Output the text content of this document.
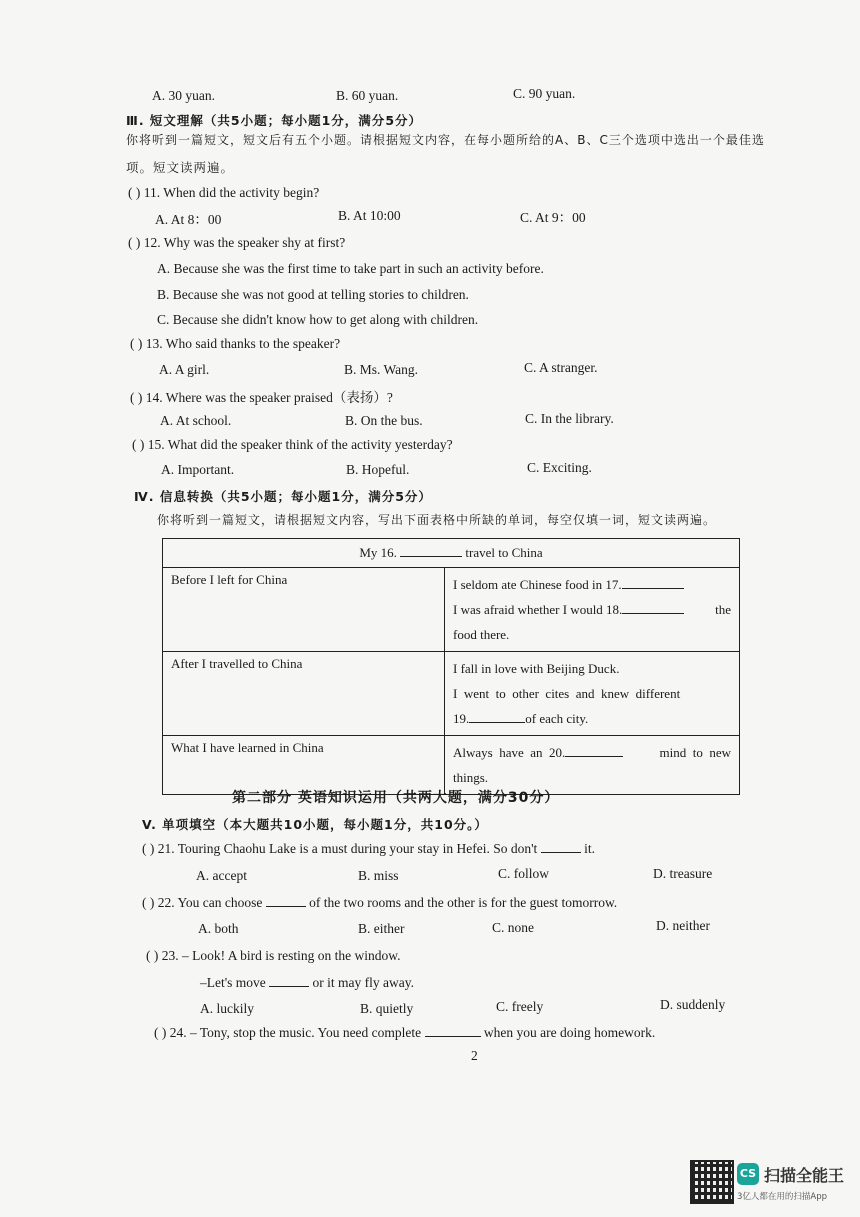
A. 30 yuan.	B. 60 yuan.	C. 90 yuan.
Ⅲ. 短文理解（共5小题；每小题1分，满分5分）
你将听到一篇短文，短文后有五个小题。请根据短文内容，在每小题所给的A、B、C三个选项中选出一个最佳选
项。短文读两遍。
( ) 11. When did the activity begin?
A. At 8：00	B. At 10:00	C. At 9：00
( ) 12. Why was the speaker shy at first?
A. Because she was the first time to take part in such an activity before.
B. Because she was not good at telling stories to children.
C. Because she didn't know how to get along with children.
( ) 13. Who said thanks to the speaker?
A. A girl.	B. Ms. Wang.	C. A stranger.
( ) 14. Where was the speaker praised（表扬）?
A. At school.	B. On the bus.	C. In the library.
( ) 15. What did the speaker think of the activity yesterday?
A. Important.	B. Hopeful.	C. Exciting.
Ⅳ. 信息转换（共5小题；每小题1分，满分5分）
你将听到一篇短文，请根据短文内容，写出下面表格中所缺的单词，每空仅填一词，短文读两遍。
My 16. travel to China	
Before I left for China	I seldom ate Chinese food in 17.
I was afraid whether I would 18. the
food there.

After I travelled to China	I fall in love with Beijing Duck.
I  went  to  other  cites  and  knew  different
19. of each city.

What I have learned in China	Always  have  an  20. mind  to  new
things.
第二部分 英语知识运用（共两大题，满分30分）
V. 单项填空（本大题共10小题，每小题1分，共10分。）
( ) 21. Touring Chaohu Lake is a must during your stay in Hefei. So don't	it.
A. accept	B. miss	C. follow	D. treasure
( ) 22. You can choose	of the two rooms and the other is for the guest tomorrow.
A. both	B. either	C. none	D. neither
( ) 23. – Look! A bird is resting on the window.
–Let's move	or it may fly away.
A. luckily	B. quietly	C. freely	D. suddenly
( ) 24. – Tony, stop the music. You need complete	when you are doing homework.
2
CS 扫描全能王
3亿人都在用的扫描App
